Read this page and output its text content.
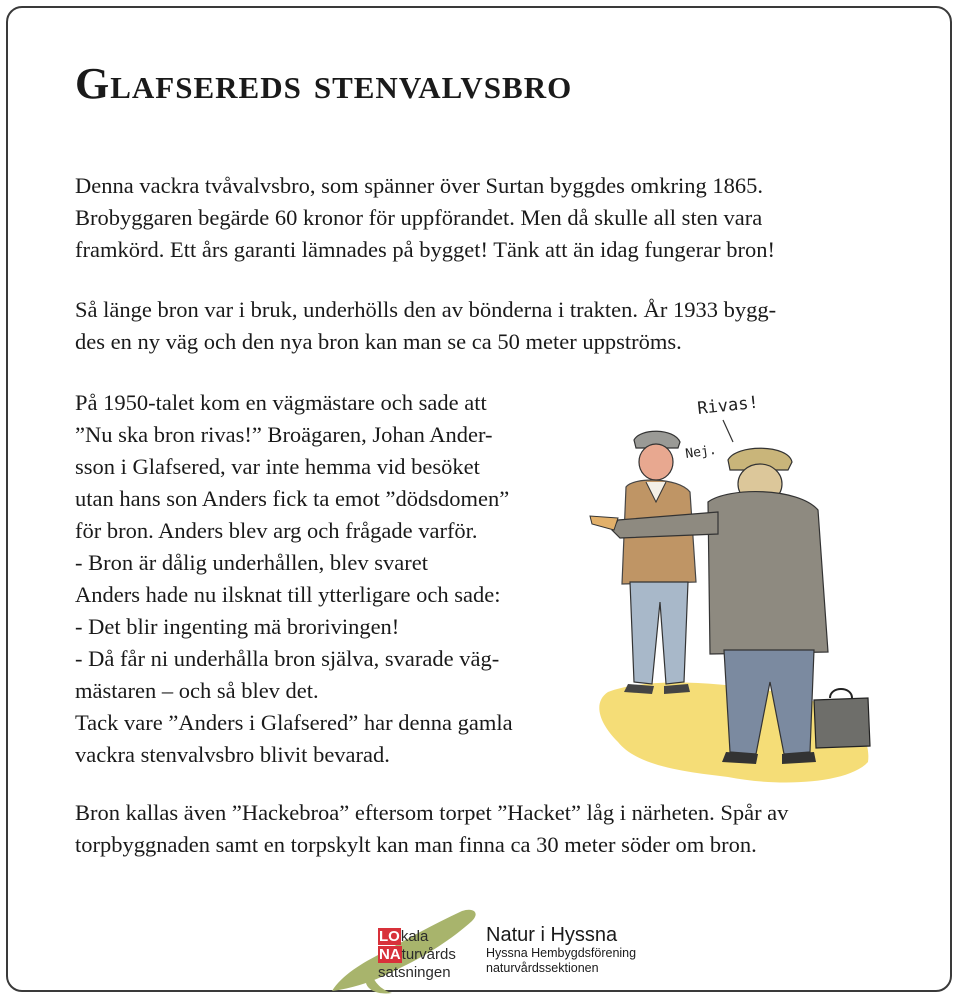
Glafsereds stenvalvsbro

Denna vackra tvåvalvsbro, som spänner över Surtan byggdes omkring 1865.
Brobyggaren begärde 60 kronor för uppförandet. Men då skulle all sten vara
framkörd. Ett års garanti lämnades på bygget! Tänk att än idag fungerar bron!

Så länge bron var i bruk, underhölls den av bönderna i trakten. År 1933 bygg-
des en ny väg och den nya bron kan man se ca 50 meter uppströms.

På 1950-talet kom en vägmästare och sade att
”Nu ska bron rivas!” Broägaren, Johan Ander-
sson i Glafsered, var inte hemma vid besöket
utan hans son Anders fick ta emot ”dödsdomen”
för bron. Anders blev arg och frågade varför.
- Bron är dålig underhållen, blev svaret
Anders hade nu ilsknat till ytterligare och sade:
- Det blir ingenting mä brorivingen!
- Då får ni underhålla bron själva, svarade väg-
mästaren – och så blev det.
Tack vare ”Anders i Glafsered” har denna gamla
vackra stenvalvsbro blivit bevarad.

Bron kallas även ”Hackebroa” eftersom torpet ”Hacket” låg i närheten. Spår av
torpbyggnaden samt en torpskylt kan man finna ca 30 meter söder om bron.

Rivas!
Nej.
LOkala
NAturvårds
satsningen
Natur i Hyssna
Hyssna Hembygdsförening
naturvårdssektionen
